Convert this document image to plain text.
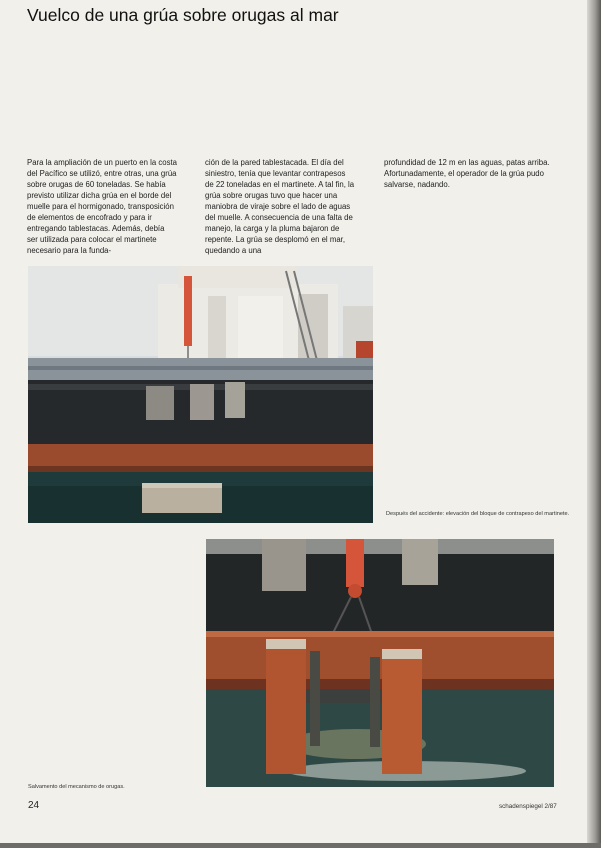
Vuelco de una grúa sobre orugas al mar
Para la ampliación de un puerto en la costa del Pacífico se utilizó, entre otras, una grúa sobre orugas de 60 toneladas. Se había previsto utilizar dicha grúa en el borde del muelle para el hormigonado, transposición de elementos de encofrado y para ir entregando tablestacas. Además, debía ser utilizada para colocar el martinete necesario para la funda-
ción de la pared tablestacada. El día del siniestro, tenía que levantar contrapesos de 22 toneladas en el martinete. A tal fin, la grúa sobre orugas tuvo que hacer una maniobra de viraje sobre el lado de aguas del muelle. A consecuencia de una falta de manejo, la carga y la pluma bajaron de repente. La grúa se desplomó en el mar, quedando a una
profundidad de 12 m en las aguas, patas arriba.
Afortunadamente, el operador de la grúa pudo salvarse, nadando.
Después del accidente: elevación del bloque de contrapeso del martinete.
Salvamento del mecanismo de orugas.
24	schadenspiegel 2/87
